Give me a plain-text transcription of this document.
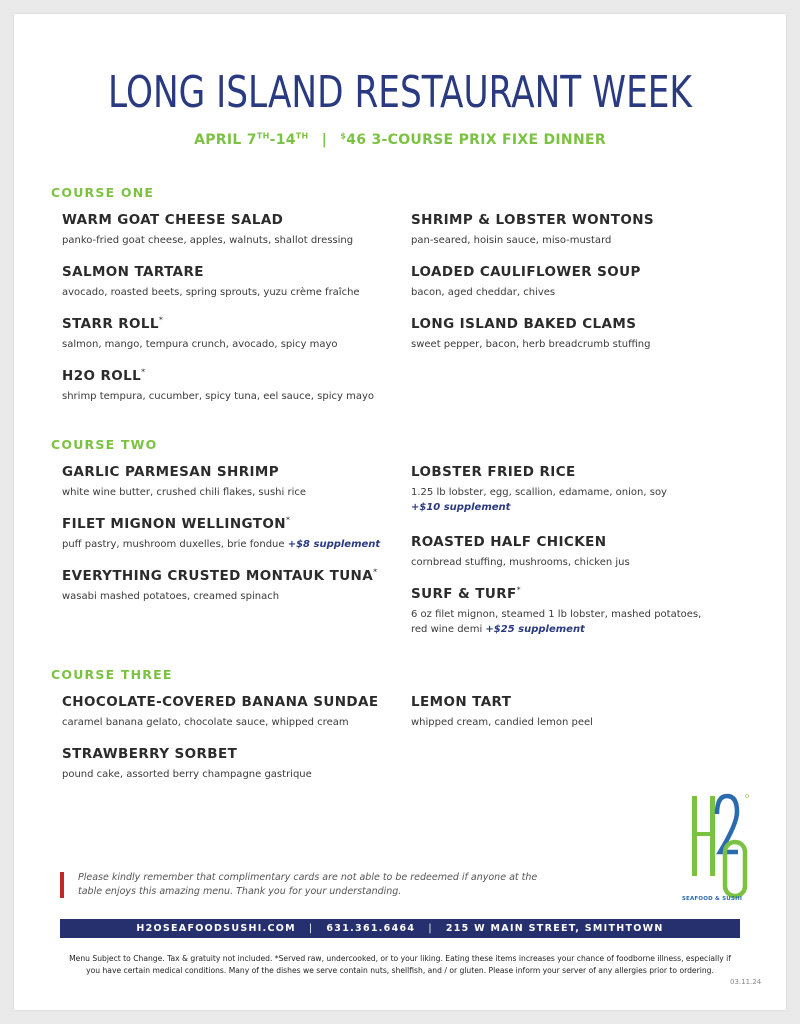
LONG ISLAND RESTAURANT WEEK
APRIL 7TH-14TH | $46 3-COURSE PRIX FIXE DINNER
COURSE ONE
WARM GOAT CHEESE SALAD
panko-fried goat cheese, apples, walnuts, shallot dressing
SALMON TARTARE
avocado, roasted beets, spring sprouts, yuzu crème fraîche
STARR ROLL*
salmon, mango, tempura crunch, avocado, spicy mayo
H2O ROLL*
shrimp tempura, cucumber, spicy tuna, eel sauce, spicy mayo
SHRIMP & LOBSTER WONTONS
pan-seared, hoisin sauce, miso-mustard
LOADED CAULIFLOWER SOUP
bacon, aged cheddar, chives
LONG ISLAND BAKED CLAMS
sweet pepper, bacon, herb breadcrumb stuffing
COURSE TWO
GARLIC PARMESAN SHRIMP
white wine butter, crushed chili flakes, sushi rice
FILET MIGNON WELLINGTON*
puff pastry, mushroom duxelles, brie fondue +$8 supplement
EVERYTHING CRUSTED MONTAUK TUNA*
wasabi mashed potatoes, creamed spinach
LOBSTER FRIED RICE
1.25 lb lobster, egg, scallion, edamame, onion, soy
+$10 supplement
ROASTED HALF CHICKEN
cornbread stuffing, mushrooms, chicken jus
SURF & TURF*
6 oz filet mignon, steamed 1 lb lobster, mashed potatoes,
red wine demi +$25 supplement
COURSE THREE
CHOCOLATE-COVERED BANANA SUNDAE
caramel banana gelato, chocolate sauce, whipped cream
STRAWBERRY SORBET
pound cake, assorted berry champagne gastrique
LEMON TART
whipped cream, candied lemon peel
SEAFOOD & SUSHI
Please kindly remember that complimentary cards are not able to be redeemed if anyone at the
table enjoys this amazing menu. Thank you for your understanding.
H2OSEAFOODSUSHI.COM | 631.361.6464 | 215 W MAIN STREET, SMITHTOWN
Menu Subject to Change. Tax & gratuity not included. *Served raw, undercooked, or to your liking. Eating these items increases your chance of foodborne illness, especially if
you have certain medical conditions. Many of the dishes we serve contain nuts, shellfish, and / or gluten. Please inform your server of any allergies prior to ordering.
03.11.24
